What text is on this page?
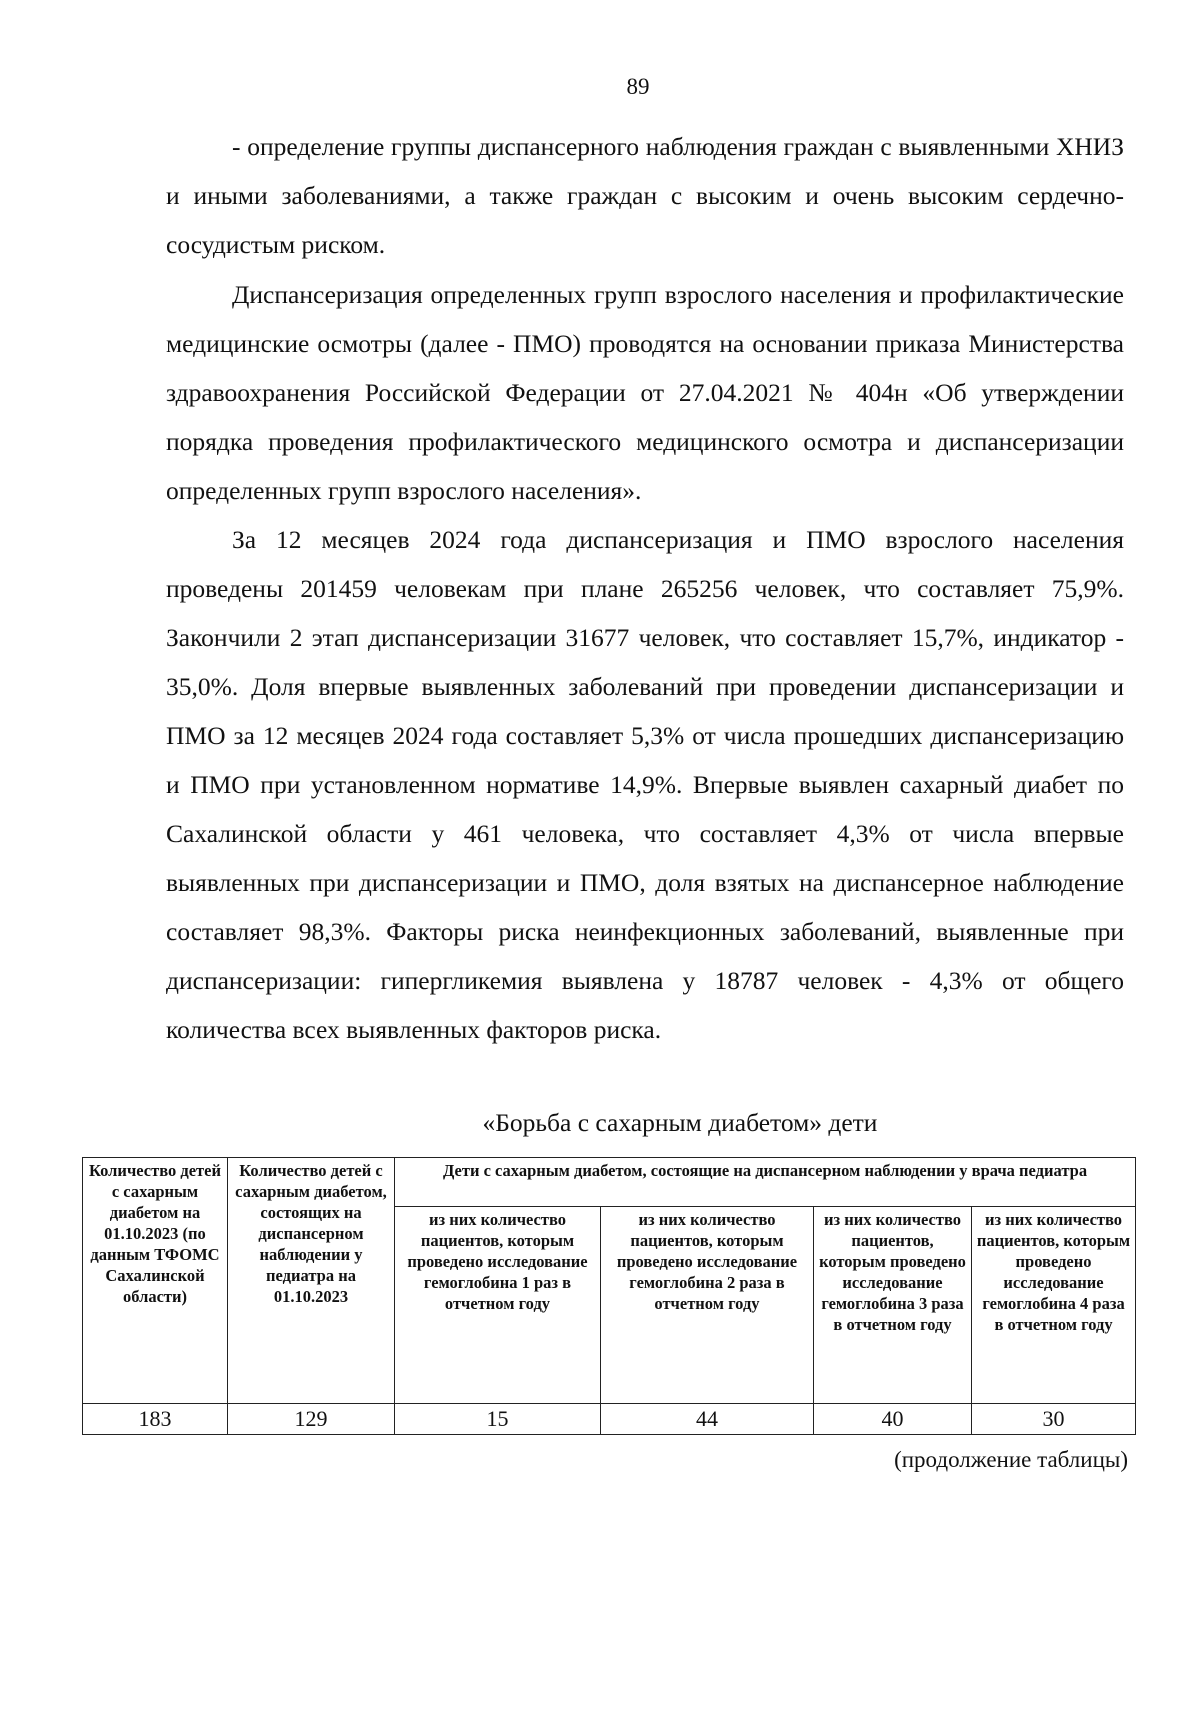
89

- определение группы диспансерного наблюдения граждан с выявленными ХНИЗ и иными заболеваниями, а также граждан с высоким и очень высоким сердечно-сосудистым риском.

Диспансеризация определенных групп взрослого населения и профилактические медицинские осмотры (далее - ПМО) проводятся на основании приказа Министерства здравоохранения Российской Федерации от 27.04.2021 № 404н «Об утверждении порядка проведения профилактического медицинского осмотра и диспансеризации определенных групп взрослого населения».

За 12 месяцев 2024 года диспансеризация и ПМО взрослого населения проведены 201459 человекам при плане 265256 человек, что составляет 75,9%. Закончили 2 этап диспансеризации 31677 человек, что составляет 15,7%, индикатор - 35,0%. Доля впервые выявленных заболеваний при проведении диспансеризации и ПМО за 12 месяцев 2024 года составляет 5,3% от числа прошедших диспансеризацию и ПМО при установленном нормативе 14,9%. Впервые выявлен сахарный диабет по Сахалинской области у 461 человека, что составляет 4,3% от числа впервые выявленных при диспансеризации и ПМО, доля взятых на диспансерное наблюдение составляет 98,3%. Факторы риска неинфекционных заболеваний, выявленные при диспансеризации: гипергликемия выявлена у 18787 человек - 4,3% от общего количества всех выявленных факторов риска.

«Борьба с сахарным диабетом» дети
Количество детей с сахарным диабетом на 01.10.2023 (по данным ТФОМС Сахалинской области)	Количество детей с сахарным диабетом, состоящих на диспансерном наблюдении у педиатра на 01.10.2023	Дети с сахарным диабетом, состоящие на диспансерном наблюдении у врача педиатра			
		из них количество пациентов, которым проведено исследование гемоглобина 1 раз в отчетном году	из них количество пациентов, которым проведено исследование гемоглобина 2 раза в отчетном году	из них количество пациентов, которым проведено исследование гемоглобина 3 раза в отчетном году	из них количество пациентов, которым проведено исследование гемоглобина 4 раза в отчетном году
183	129	15	44	40	30
(продолжение таблицы)
